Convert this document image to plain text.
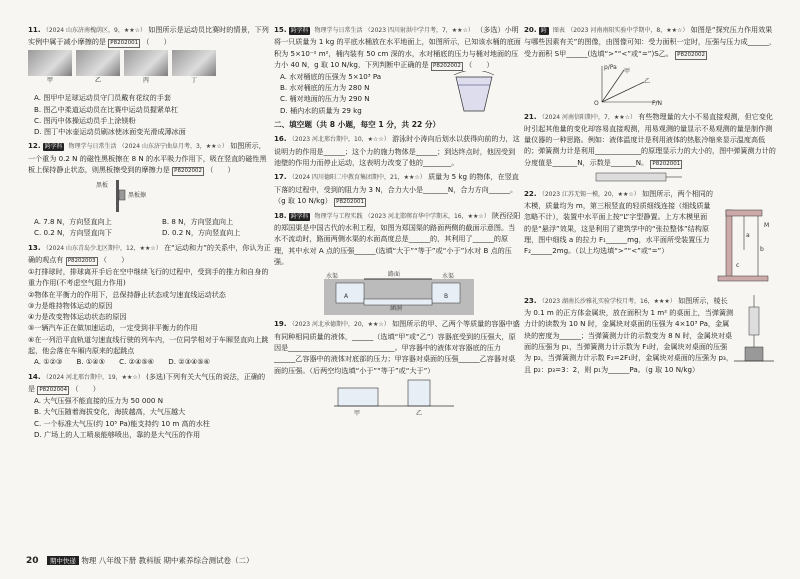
11. （2024 山东济南槐荫区，9，★★☆） 如图所示是运动员比赛时的情景，下列实例中属于减小摩擦的是 P8202001 （　　）
甲	乙	丙	丁
A. 图甲中足球运动员守门员戴有花纹的手套
B. 图乙中柔道运动员在比赛中运动员握紧单杠
C. 图丙中体操运动员手上涂镁粉
D. 图丁中冰壶运动员刷冰使冰面变光滑成薄冰面
12. 跨学科 物理学与日常生活 （2024 山东济宁曲阜月考，3，★★☆） 如图所示，一个重为 0.2 N 的磁性黑板擦在 8 N 的水平吸力作用下，吸在竖直的磁性黑板上保持静止状态，则黑板擦受到的摩擦力是 P8202002 （　　）
黑板
黑板擦
A. 7.8 N，方向竖直向上	B. 8 N，方向竖直向上
C. 0.2 N，方向竖直向下	D. 0.2 N，方向竖直向上
13. （2024 山东青岛少北区期中，12，★★☆） 在“运动和力”的关系中，你认为正确的观点有 P8202003 （　　）
①打排球时，排球离开手后在空中继续飞行的过程中，受到手的推力和自身的重力作用(不考虑空气阻力作用)
②物体在平衡力的作用下，总保持静止状态或匀速直线运动状态
③力是维持物体运动的原因
④力是改变物体运动状态的原因
⑤一辆汽车正在做加速运动，一定受到非平衡力的作用
⑥在一列沿平直轨道匀速直线行驶的列车内，一位同学相对于车厢竖直向上跳起，他会落在车厢内原来的起跳点
A. ①②③　　B. ①④⑤　　C. ②④⑤⑥　　D. ②③④⑤⑥
14. （2024 河北邢台期中，19，★★☆） (多选)下列有关大气压的说法，正确的是 P8202004 （　　）
A. 大气压强不能直接的压力为 50 000 N
B. 大气压随着海拔变化，海拔越高，大气压越大
C. 一个标准大气压(约 10⁵ Pa)能支持约 10 m 高的水柱
D. 广场上的人工喷泉能够喷出，靠的是大气压的作用
15. 跨学科 物理学与日常生活 （2023 四川射洪中学月考，7，★★☆） （多选）小明将一只质量为 1 kg 的平底水桶放在水平地面上，如图所示，已知该水桶的底面积为 5×10⁻² m²，桶内装有 50 cm 深的水，水对桶底的压力与桶对地面的压力小 40 N，g 取 10 N/kg，下列判断中正确的是 P8202002 （　　）
A. 水对桶底的压强为 5×10³ Pa
B. 水对桶底的压力为 280 N
C. 桶对地面的压力为 290 N
D. 桶内水的质量为 29 kg
二、填空题（共 8 小题，每空 1 分，共 22 分）
16. （2023 河北邢台期中，10，★☆☆） 游泳时小涛向后划水以获得向前的力，这说明力的作用是______；这个力的施力物体是______；到达终点时，他因受到池壁的作用力而停止运动，这表明力改变了他的________。
17. （2024 四川德阳二中教育集团期中，21，★★☆） 质量为 5 kg 的物体，在竖直下落的过程中，受到的阻力为 3 N，合力大小是_______N，合力方向______。（g 取 10 N/kg） P8202001
18. 跨学科 物理学与工程实践 （2023 河北邯郸育华中学期末，16，★★☆） 陕西径阳的郑国渠是中国古代的水利工程，如图为郑国渠的路面两侧的截面示意图。当水不流动时，路面两侧水渠的水面高度总是______的，其利用了______的原理，其中水对 A 点的压强______(选填“大于”“等于”或“小于”)水对 B 点的压强。
路面
水渠	水渠
涵洞
A	B
19. （2023 河北承德期中，20，★★☆） 如图所示的甲、乙两个等质量的容器中盛有同种相同质量的液体，______（选填“甲”或“乙”）容器底受到的压强大，原因是______________________________。甲容器中的液体对容器底的压力______乙容器中的液体对底部的压力；甲容器对桌面的压强______乙容器对桌面的压强。（后两空均选填“小于”“等于”或“大于”）
甲	乙
20. 跨 图表 （2023 河南南阳实验中学期中，8，★★☆） 如图是“探究压力作用效果与哪些因素有关”的图像，由图像可知：受力面积一定时，压强与压力成______，受力面积 S甲______(选填“>”“<”或“=”)S乙。 P8202002
p/Pa
F/N
O
甲
乙
21. （2024 河南信阳期中，7，★★☆） 有些物理量的大小不易直接观测，但它变化时引起其他量的变化却容易直接观测，用易观测的量显示不易观测的量是制作测量仪器的一种思路。例如：液体温度计是利用液体的热胀冷缩来显示温度高低的；弹簧测力计是利用_____________的原理显示力的大小的，图中弹簧测力计的分度值是_______N，示数是_______N。 P8202001
22. （2023 江苏无锡一模，20，★★☆） 如图所示，两个相同的木模，质量均为 m，第三根竖直的轻质细线连接（细线质量忽略不计），装置中水平面上按“L”字型静置。上方木模里面的是“悬浮”效果，这是利用了建筑学中的“张拉整体”结构原理，图中细线 a 的拉力 F₁______mg，水平面所受装置压力 F₂______2mg。（以上均选填“>”“<”或“=”）
a
b
c
M
23. （2023 湖南长沙雅礼实验学校月考，16，★★★） 如图所示，棱长为 0.1 m 的正方体金属块，放在面积为 1 m² 的桌面上，当弹簧测力计的读数为 10 N 时，金属块对桌面的压强为 4×10³ Pa，金属块的密度为______；当弹簧测力计的示数变为 8 N 时，金属块对桌面的压强为 p₁，当弹簧测力计示数为 F₁时，金属块对桌面的压强为 p₂，当弹簧测力计示数 F₂=2F₁时，金属块对桌面的压强为 p₃，且 p₂：p₃=3：2，则 p₁为______Pa。（g 取 10 N/kg）
20 期中快递 物理 八年级下册 教科版 期中素养综合测试卷（二）
